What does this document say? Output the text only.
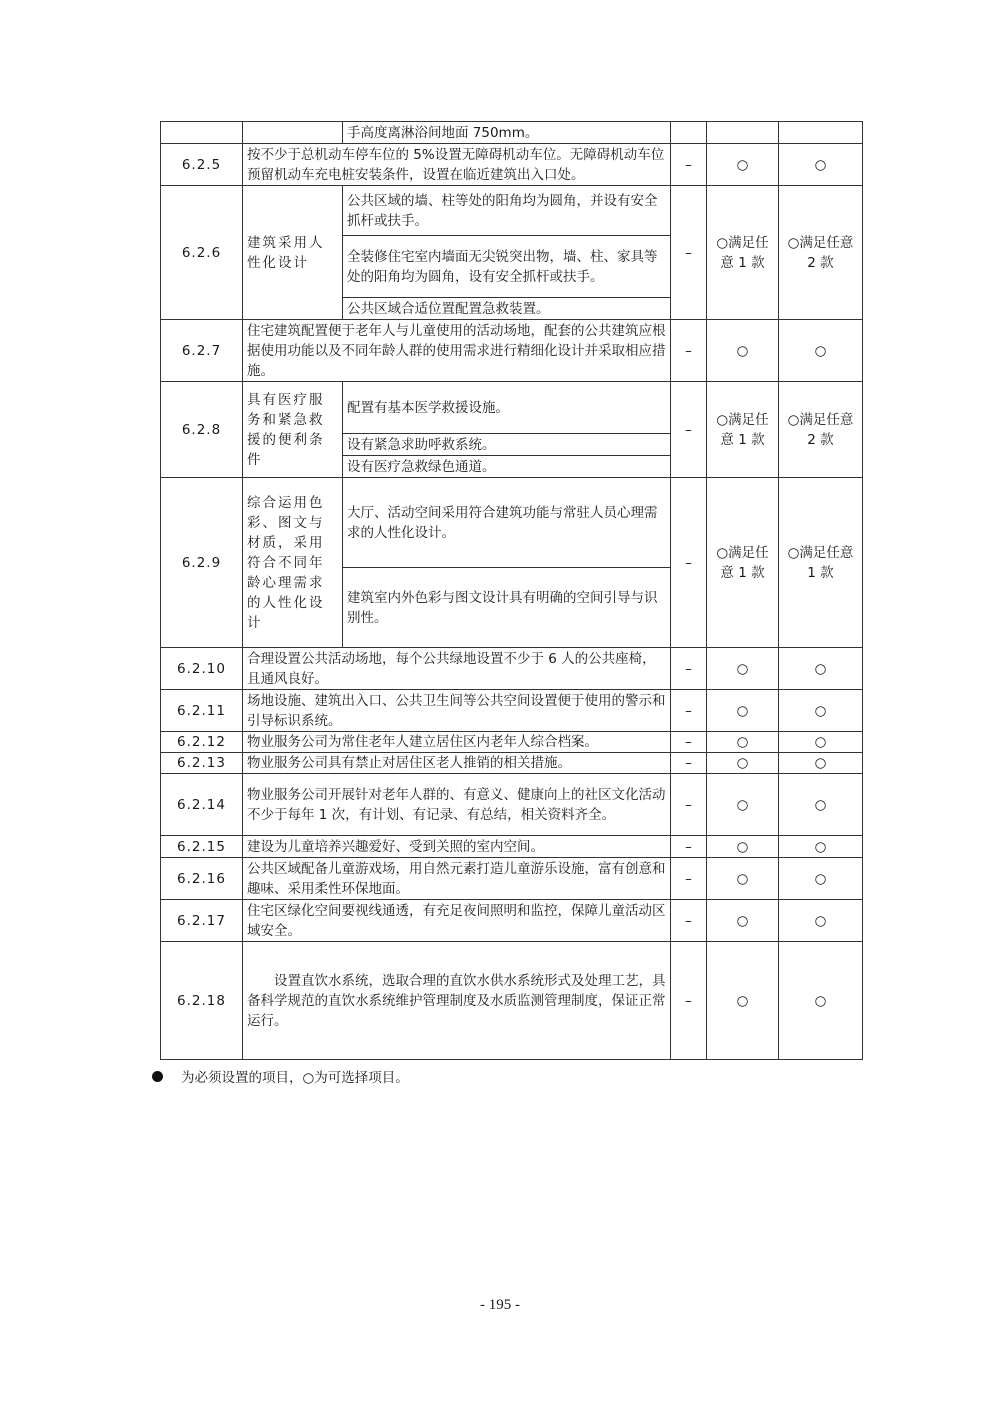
		手高度离淋浴间地面 750mm。			
6.2.5	按不少于总机动车停车位的 5%设置无障碍机动车位。无障碍机动车位预留机动车充电桩安装条件，设置在临近建筑出入口处。		–	○	○
6.2.6	建筑采用人性化设计	公共区域的墙、柱等处的阳角均为圆角，并设有安全抓杆或扶手。	–	○满足任意 1 款	○满足任意 2 款
		全装修住宅室内墙面无尖锐突出物，墙、柱、家具等处的阳角均为圆角，设有安全抓杆或扶手。			
		公共区域合适位置配置急救装置。			
6.2.7	住宅建筑配置便于老年人与儿童使用的活动场地，配套的公共建筑应根据使用功能以及不同年龄人群的使用需求进行精细化设计并采取相应措施。		–	○	○
6.2.8	具有医疗服务和紧急救援的便利条件	配置有基本医学救援设施。	–	○满足任意 1 款	○满足任意 2 款
		设有紧急求助呼救系统。			
		设有医疗急救绿色通道。			
6.2.9	综合运用色彩、图文与材质，采用符合不同年龄心理需求的人性化设计	大厅、活动空间采用符合建筑功能与常驻人员心理需求的人性化设计。	–	○满足任意 1 款	○满足任意 1 款
		建筑室内外色彩与图文设计具有明确的空间引导与识别性。			
6.2.10	合理设置公共活动场地，每个公共绿地设置不少于 6 人的公共座椅，且通风良好。		–	○	○
6.2.11	场地设施、建筑出入口、公共卫生间等公共空间设置便于使用的警示和引导标识系统。		–	○	○
6.2.12	物业服务公司为常住老年人建立居住区内老年人综合档案。		–	○	○
6.2.13	物业服务公司具有禁止对居住区老人推销的相关措施。		–	○	○
6.2.14	物业服务公司开展针对老年人群的、有意义、健康向上的社区文化活动不少于每年 1 次，有计划、有记录、有总结，相关资料齐全。		–	○	○
6.2.15	建设为儿童培养兴趣爱好、受到关照的室内空间。		–	○	○
6.2.16	公共区域配备儿童游戏场，用自然元素打造儿童游乐设施，富有创意和趣味、采用柔性环保地面。		–	○	○
6.2.17	住宅区绿化空间要视线通透，有充足夜间照明和监控，保障儿童活动区域安全。		–	○	○
6.2.18	设置直饮水系统，选取合理的直饮水供水系统形式及处理工艺，具备科学规范的直饮水系统维护管理制度及水质监测管理制度，保证正常运行。		–	○	○
为必须设置的项目，○为可选择项目。
- 195 -
